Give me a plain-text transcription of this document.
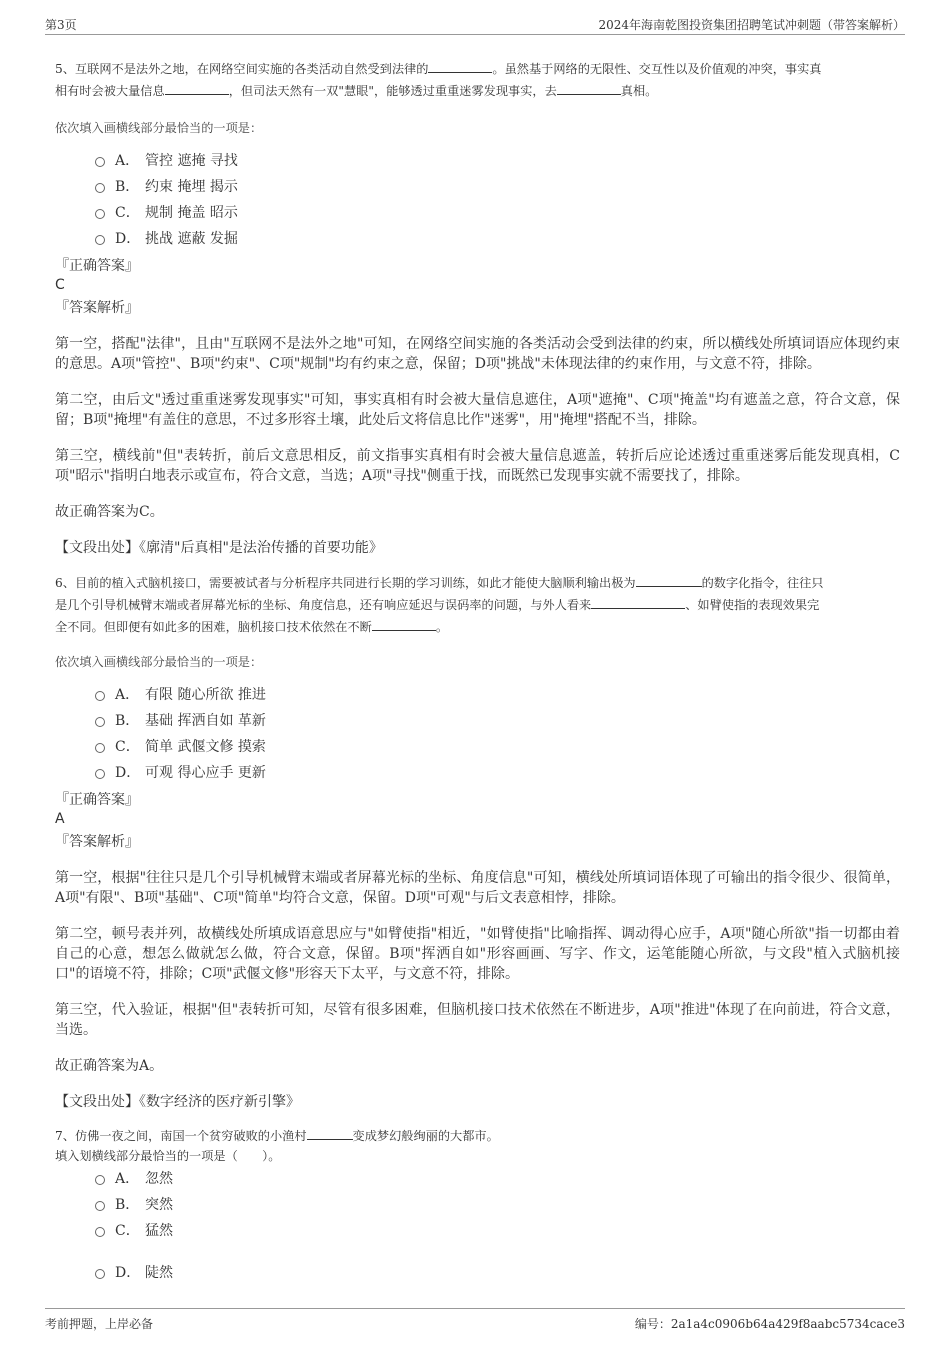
第3页	2024年海南乾图投资集团招聘笔试冲刺题（带答案解析）

5、互联网不是法外之地，在网络空间实施的各类活动自然受到法律的	。虽然基于网络的无限性、交互性以及价值观的冲突，事实真
相有时会被大量信息	，但司法天然有一双"慧眼"，能够透过重重迷雾发现事实，去	真相。

依次填入画横线部分最恰当的一项是：

A． 管控 遮掩 寻找
B． 约束 掩埋 揭示
C． 规制 掩盖 昭示
D． 挑战 遮蔽 发掘

『正确答案』

C

『答案解析』

第一空，搭配"法律"，且由"互联网不是法外之地"可知，在网络空间实施的各类活动会受到法律的约束，所以横线处所填词语应体现约束的意思。A项"管控"、B项"约束"、C项"规制"均有约束之意，保留；D项"挑战"未体现法律的约束作用，与文意不符，排除。

第二空，由后文"透过重重迷雾发现事实"可知，事实真相有时会被大量信息遮住，A项"遮掩"、C项"掩盖"均有遮盖之意，符合文意，保留；B项"掩埋"有盖住的意思，不过多形容土壤，此处后文将信息比作"迷雾"，用"掩埋"搭配不当，排除。

第三空，横线前"但"表转折，前后文意思相反，前文指事实真相有时会被大量信息遮盖，转折后应论述透过重重迷雾后能发现真相，C项"昭示"指明白地表示或宣布，符合文意，当选；A项"寻找"侧重于找，而既然已发现事实就不需要找了，排除。

故正确答案为C。

【文段出处】《廓清"后真相"是法治传播的首要功能》

6、目前的植入式脑机接口，需要被试者与分析程序共同进行长期的学习训练，如此才能使大脑顺利输出极为	的数字化指令，往往只
是几个引导机械臂末端或者屏幕光标的坐标、角度信息，还有响应延迟与误码率的问题，与外人看来	、如臂使指的表现效果完
全不同。但即便有如此多的困难，脑机接口技术依然在不断	。

依次填入画横线部分最恰当的一项是：

A． 有限 随心所欲 推进
B． 基础 挥洒自如 革新
C． 简单 武偃文修 摸索
D． 可观 得心应手 更新

『正确答案』

A

『答案解析』

第一空，根据"往往只是几个引导机械臂末端或者屏幕光标的坐标、角度信息"可知，横线处所填词语体现了可输出的指令很少、很简单，A项"有限"、B项"基础"、C项"简单"均符合文意，保留。D项"可观"与后文表意相悖，排除。

第二空，顿号表并列，故横线处所填成语意思应与"如臂使指"相近，"如臂使指"比喻指挥、调动得心应手，A项"随心所欲"指一切都由着自己的心意，想怎么做就怎么做，符合文意，保留。B项"挥洒自如"形容画画、写字、作文，运笔能随心所欲，与文段"植入式脑机接口"的语境不符，排除；C项"武偃文修"形容天下太平，与文意不符，排除。

第三空，代入验证，根据"但"表转折可知，尽管有很多困难，但脑机接口技术依然在不断进步，A项"推进"体现了在向前进，符合文意，当选。

故正确答案为A。

【文段出处】《数字经济的医疗新引擎》

7、仿佛一夜之间，南国一个贫穷破败的小渔村	变成梦幻般绚丽的大都市。

填入划横线部分最恰当的一项是（　　）。

A． 忽然
B． 突然
C． 猛然
D． 陡然
考前押题，上岸必备	编号：2a1a4c0906b64a429f8aabc5734cace3
